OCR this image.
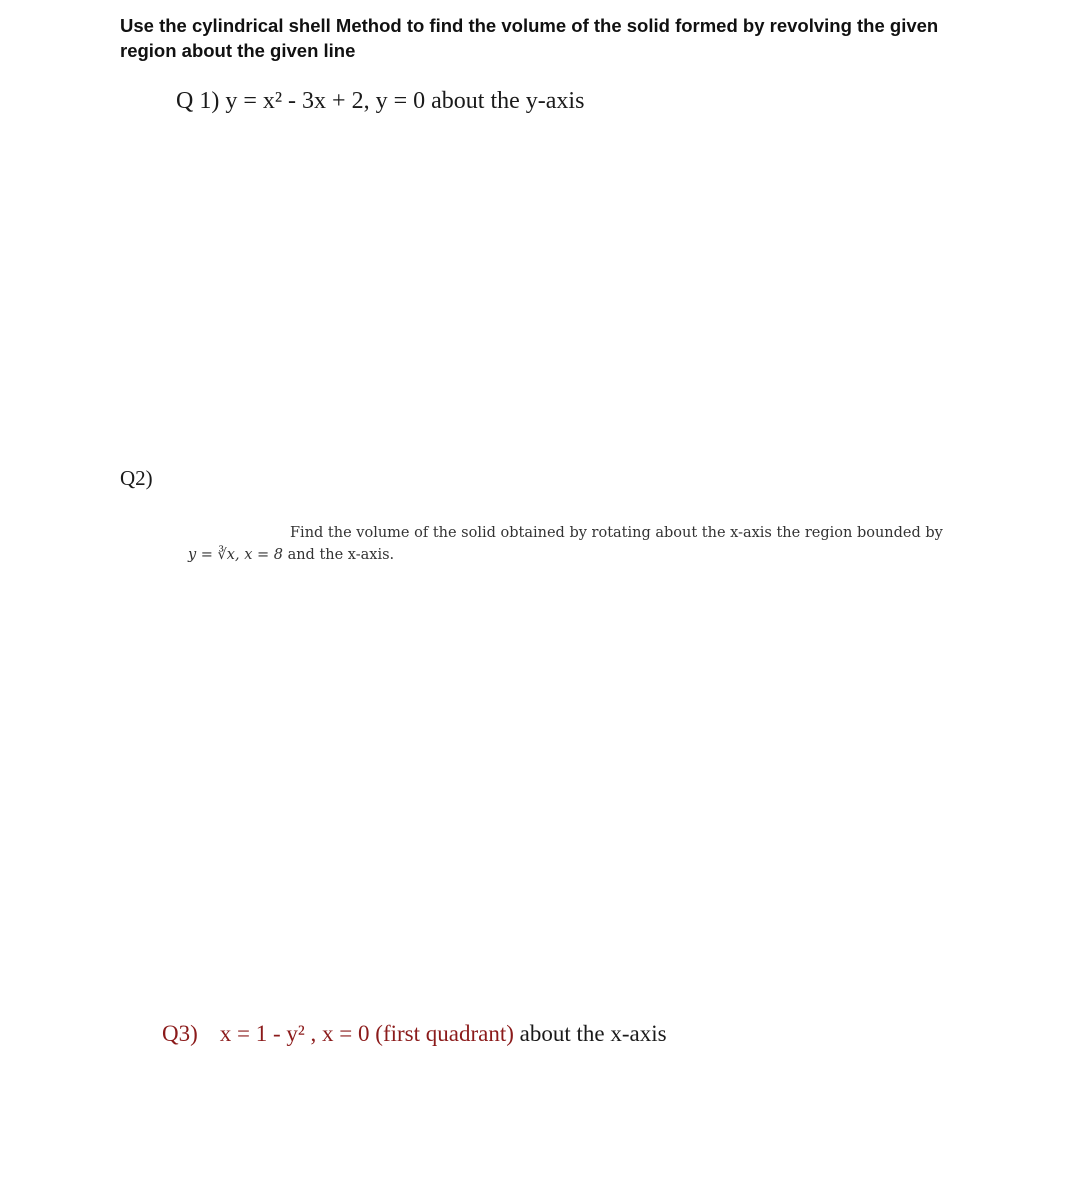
Use the cylindrical shell Method to find the volume of the solid formed by revolving the given region about the given line
Q 1) y = x² - 3x + 2, y = 0 about the y-axis
Q2)
Find the volume of the solid obtained by rotating about the x-axis the region bounded by
y = ∛x, x = 8 and the x-axis.
Q3) x = 1 - y² , x = 0 (first quadrant) about the x-axis
